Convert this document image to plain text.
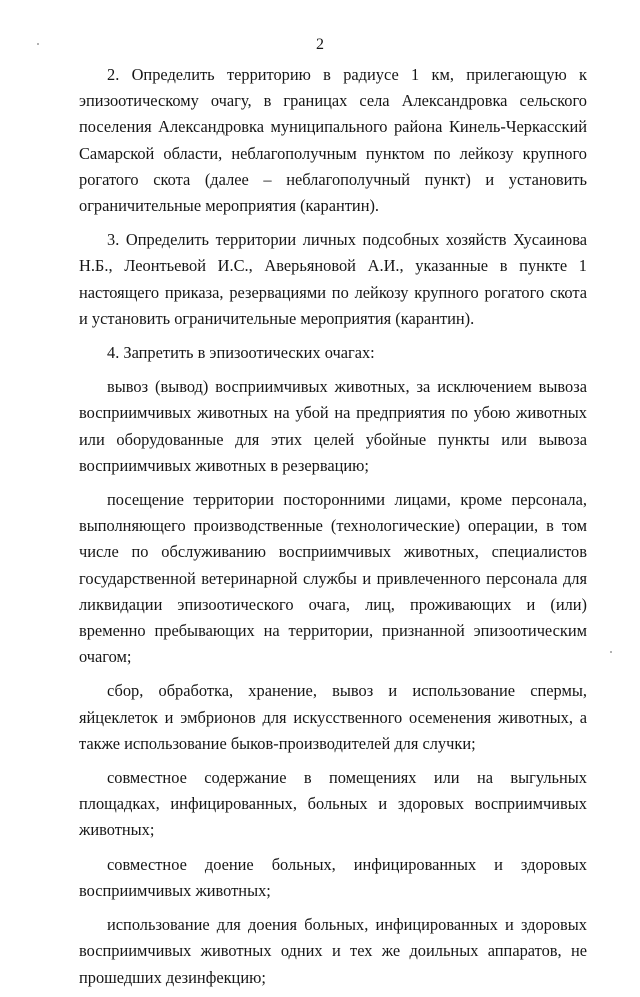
2

2. Определить территорию в радиусе 1 км, прилегающую к эпизоотическому очагу, в границах села Александровка сельского поселения Александровка муниципального района Кинель-Черкасский Самарской области, неблагополучным пунктом по лейкозу крупного рогатого скота (далее – неблагополучный пункт) и установить ограничительные мероприятия (карантин).

3. Определить территории личных подсобных хозяйств Хусаинова Н.Б., Леонтьевой И.С., Аверьяновой А.И., указанные в пункте 1 настоящего приказа, резервациями по лейкозу крупного рогатого скота и установить ограничительные мероприятия (карантин).

4. Запретить в эпизоотических очагах:

вывоз (вывод) восприимчивых животных, за исключением вывоза восприимчивых животных на убой на предприятия по убою животных или оборудованные для этих целей убойные пункты или вывоза восприимчивых животных в резервацию;

посещение территории посторонними лицами, кроме персонала, выполняющего производственные (технологические) операции, в том числе по обслуживанию восприимчивых животных, специалистов государственной ветеринарной службы и привлеченного персонала для ликвидации эпизоотического очага, лиц, проживающих и (или) временно пребывающих на территории, признанной эпизоотическим очагом;

сбор, обработка, хранение, вывоз и использование спермы, яйцеклеток и эмбрионов для искусственного осеменения животных, а также использование быков-производителей для случки;

совместное содержание в помещениях или на выгульных площадках, инфицированных, больных и здоровых восприимчивых животных;

совместное доение больных, инфицированных и здоровых восприимчивых животных;

использование для доения больных, инфицированных и здоровых восприимчивых животных одних и тех же доильных аппаратов, не прошедших дезинфекцию;
